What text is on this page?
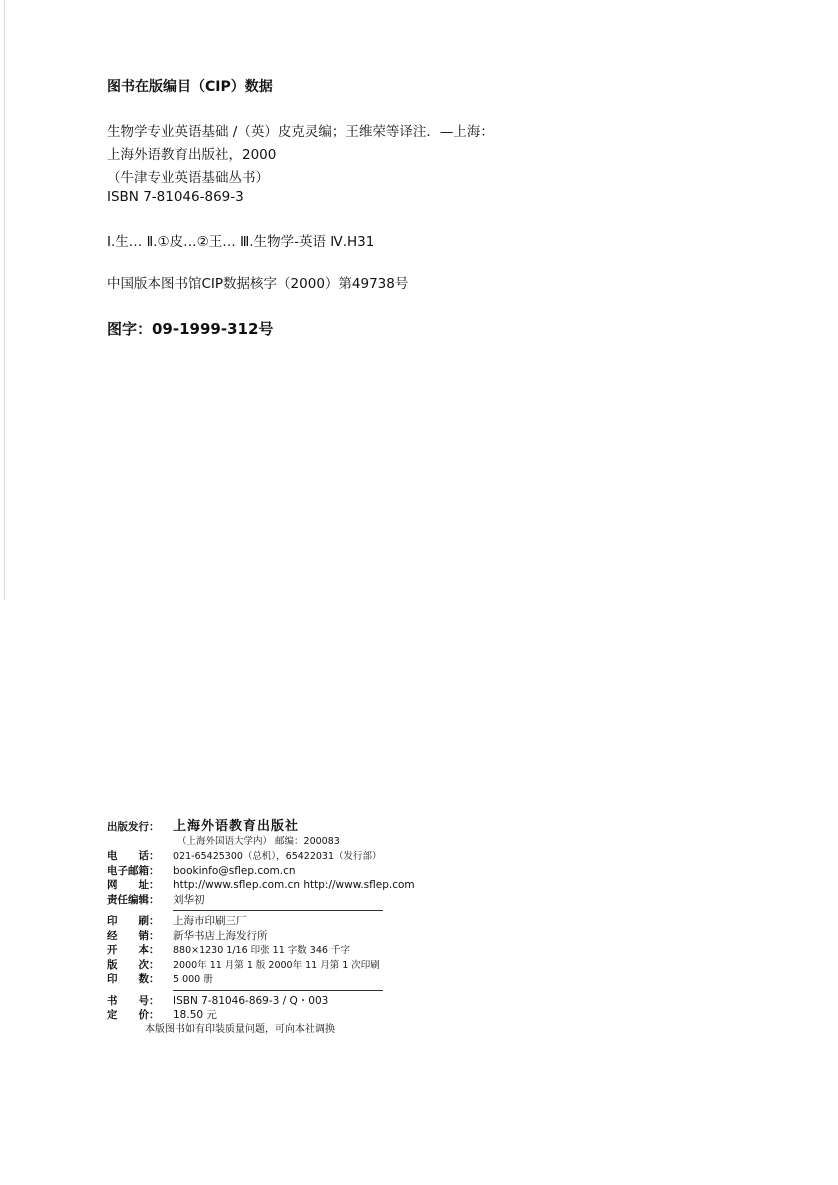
图书在版编目（CIP）数据
生物学专业英语基础 /（英）皮克灵编；王维荣等译注．—上海：
上海外语教育出版社，2000
（牛津专业英语基础丛书）
ISBN 7-81046-869-3
Ⅰ.生… Ⅱ.①皮…②王… Ⅲ.生物学-英语 Ⅳ.H31
中国版本图书馆CIP数据核字（2000）第49738号
图字：09-1999-312号
出版发行：	上海外语教育出版社
（上海外国语大学内） 邮编：200083
电　　话：	021-65425300（总机），65422031（发行部）
电子邮箱：	bookinfo@sflep.com.cn
网　　址：	http://www.sflep.com.cn http://www.sflep.com
责任编辑：	刘华初
印　　刷：	上海市印刷三厂
经　　销：	新华书店上海发行所
开　　本：	880×1230 1/16 印张 11 字数 346 千字
版　　次：	2000年 11 月第 1 版 2000年 11 月第 1 次印刷
印　　数：	5 000 册
书　　号：	ISBN 7-81046-869-3 / Q・003
定　　价：	18.50 元
本版图书如有印装质量问题，可向本社调换
